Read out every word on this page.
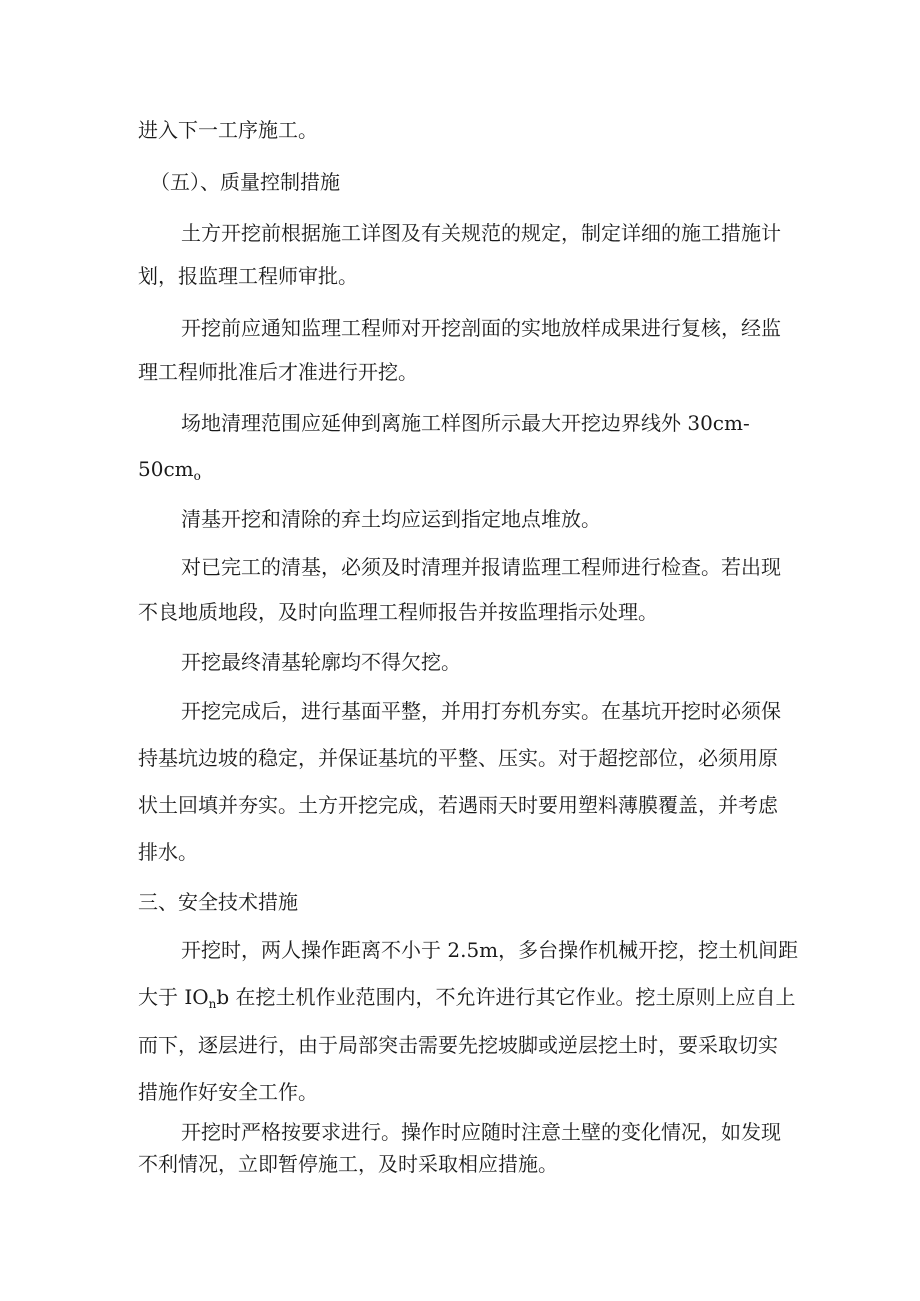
进入下一工序施工。

（五）、质量控制措施

土方开挖前根据施工详图及有关规范的规定，制定详细的施工措施计

划，报监理工程师审批。

开挖前应通知监理工程师对开挖剖面的实地放样成果进行复核，经监

理工程师批准后才准进行开挖。

场地清理范围应延伸到离施工样图所示最大开挖边界线外 30cm-

$50cm_o$

清基开挖和清除的弃土均应运到指定地点堆放。

对已完工的清基，必须及时清理并报请监理工程师进行检查。若出现

不良地质地段，及时向监理工程师报告并按监理指示处理。

开挖最终清基轮廓均不得欠挖。

开挖完成后，进行基面平整，并用打夯机夯实。在基坑开挖时必须保

持基坑边坡的稳定，并保证基坑的平整、压实。对于超挖部位，必须用原

状土回填并夯实。土方开挖完成，若遇雨天时要用塑料薄膜覆盖，并考虑

排水。

三、安全技术措施

开挖时，两人操作距离不小于 2.5m，多台操作机械开挖，挖土机间距

大于 $IO_nb$ 在挖土机作业范围内，不允许进行其它作业。挖土原则上应自上

而下，逐层进行，由于局部突击需要先挖坡脚或逆层挖土时，要采取切实

措施作好安全工作。

开挖时严格按要求进行。操作时应随时注意土壁的变化情况，如发现

不利情况，立即暂停施工，及时采取相应措施。
